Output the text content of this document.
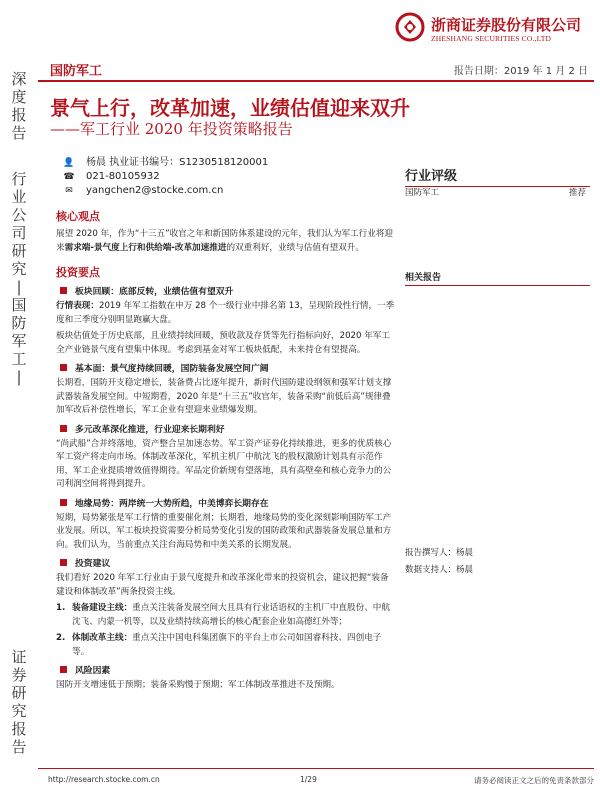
浙商证券股份有限公司
ZHESHANG SECURITIES CO.,LTD
深
度
报
告
行
业
公
司
研
究
|
国
防
军
工
|
证
券
研
究
报
告
国防军工	报告日期：2019 年 1 月 2 日
景气上行，改革加速，业绩估值迎来双升
——军工行业 2020 年投资策略报告
👤 杨晨 执业证书编号：S1230518120001
☎ 021-80105932
✉	yangchen2@stocke.com.cn
行业评级
国防军工	推荐
相关报告
报告撰写人：杨晨
数据支持人：杨晨
核心观点

展望 2020 年，作为“十三五”收官之年和新国防体系建设的元年，我们认为军工行业将迎来需求端-景气度上行和供给端-改革加速推进的双重利好，业绩与估值有望双升。

投资要点
板块回顾：底部反转，业绩估值有望双升

行情表现：2019 年军工指数在申万 28 个一级行业中排名第 13，呈现阶段性行情，一季度和三季度分别明显跑赢大盘。

板块估值处于历史底部，且业绩持续回暖，预收款及存货等先行指标向好，2020 年军工全产业链景气度有望集中体现。考虑到基金对军工板块低配，未来持仓有望提高。

基本面：景气度持续回暖，国防装备发展空间广阔

长期看，国防开支稳定增长，装备费占比逐年提升，新时代国防建设纲领和强军计划支撑武器装备发展空间。中短期看，2020 年是“十三五”收官年，装备采购“前低后高”规律叠加军改后补偿性增长，军工企业有望迎来业绩爆发期。

多元改革深化推进，行业迎来长期利好

“尚武船”合并终落地，资产整合呈加速态势。军工资产证券化持续推进，更多的优质核心军工资产将走向市场。体制改革深化，军机主机厂中航沈飞的股权激励计划具有示范作用，军工企业提质增效值得期待。军品定价新规有望落地，具有高壁垒和核心竞争力的公司利润空间将得到提升。

地缘局势：两岸统一大势所趋，中美博弈长期存在

短期，局势紧张是军工行情的重要催化剂；长期看，地缘局势的变化深刻影响国防军工产业发展。所以，军工板块投资需要分析局势变化引发的国防政策和武器装备发展总量和方向。我们认为，当前重点关注台海局势和中美关系的长期发展。

投资建议

我们看好 2020 年军工行业由于景气度提升和改革深化带来的投资机会，建议把握“装备建设和体制改革”两条投资主线。

1. 装备建设主线：重点关注装备发展空间大且具有行业话语权的主机厂中直股份、中航沈飞、内蒙一机等，以及业绩持续高增长的核心配套企业如高德红外等；
2. 体制改革主线：重点关注中国电科集团旗下的平台上市公司如国睿科技、四创电子等。
风险因素

国防开支增速低于预期；装备采购慢于预期；军工体制改革推进不及预期。

http://research.stocke.com.cn	1/29	请务必阅读正文之后的免责条款部分
